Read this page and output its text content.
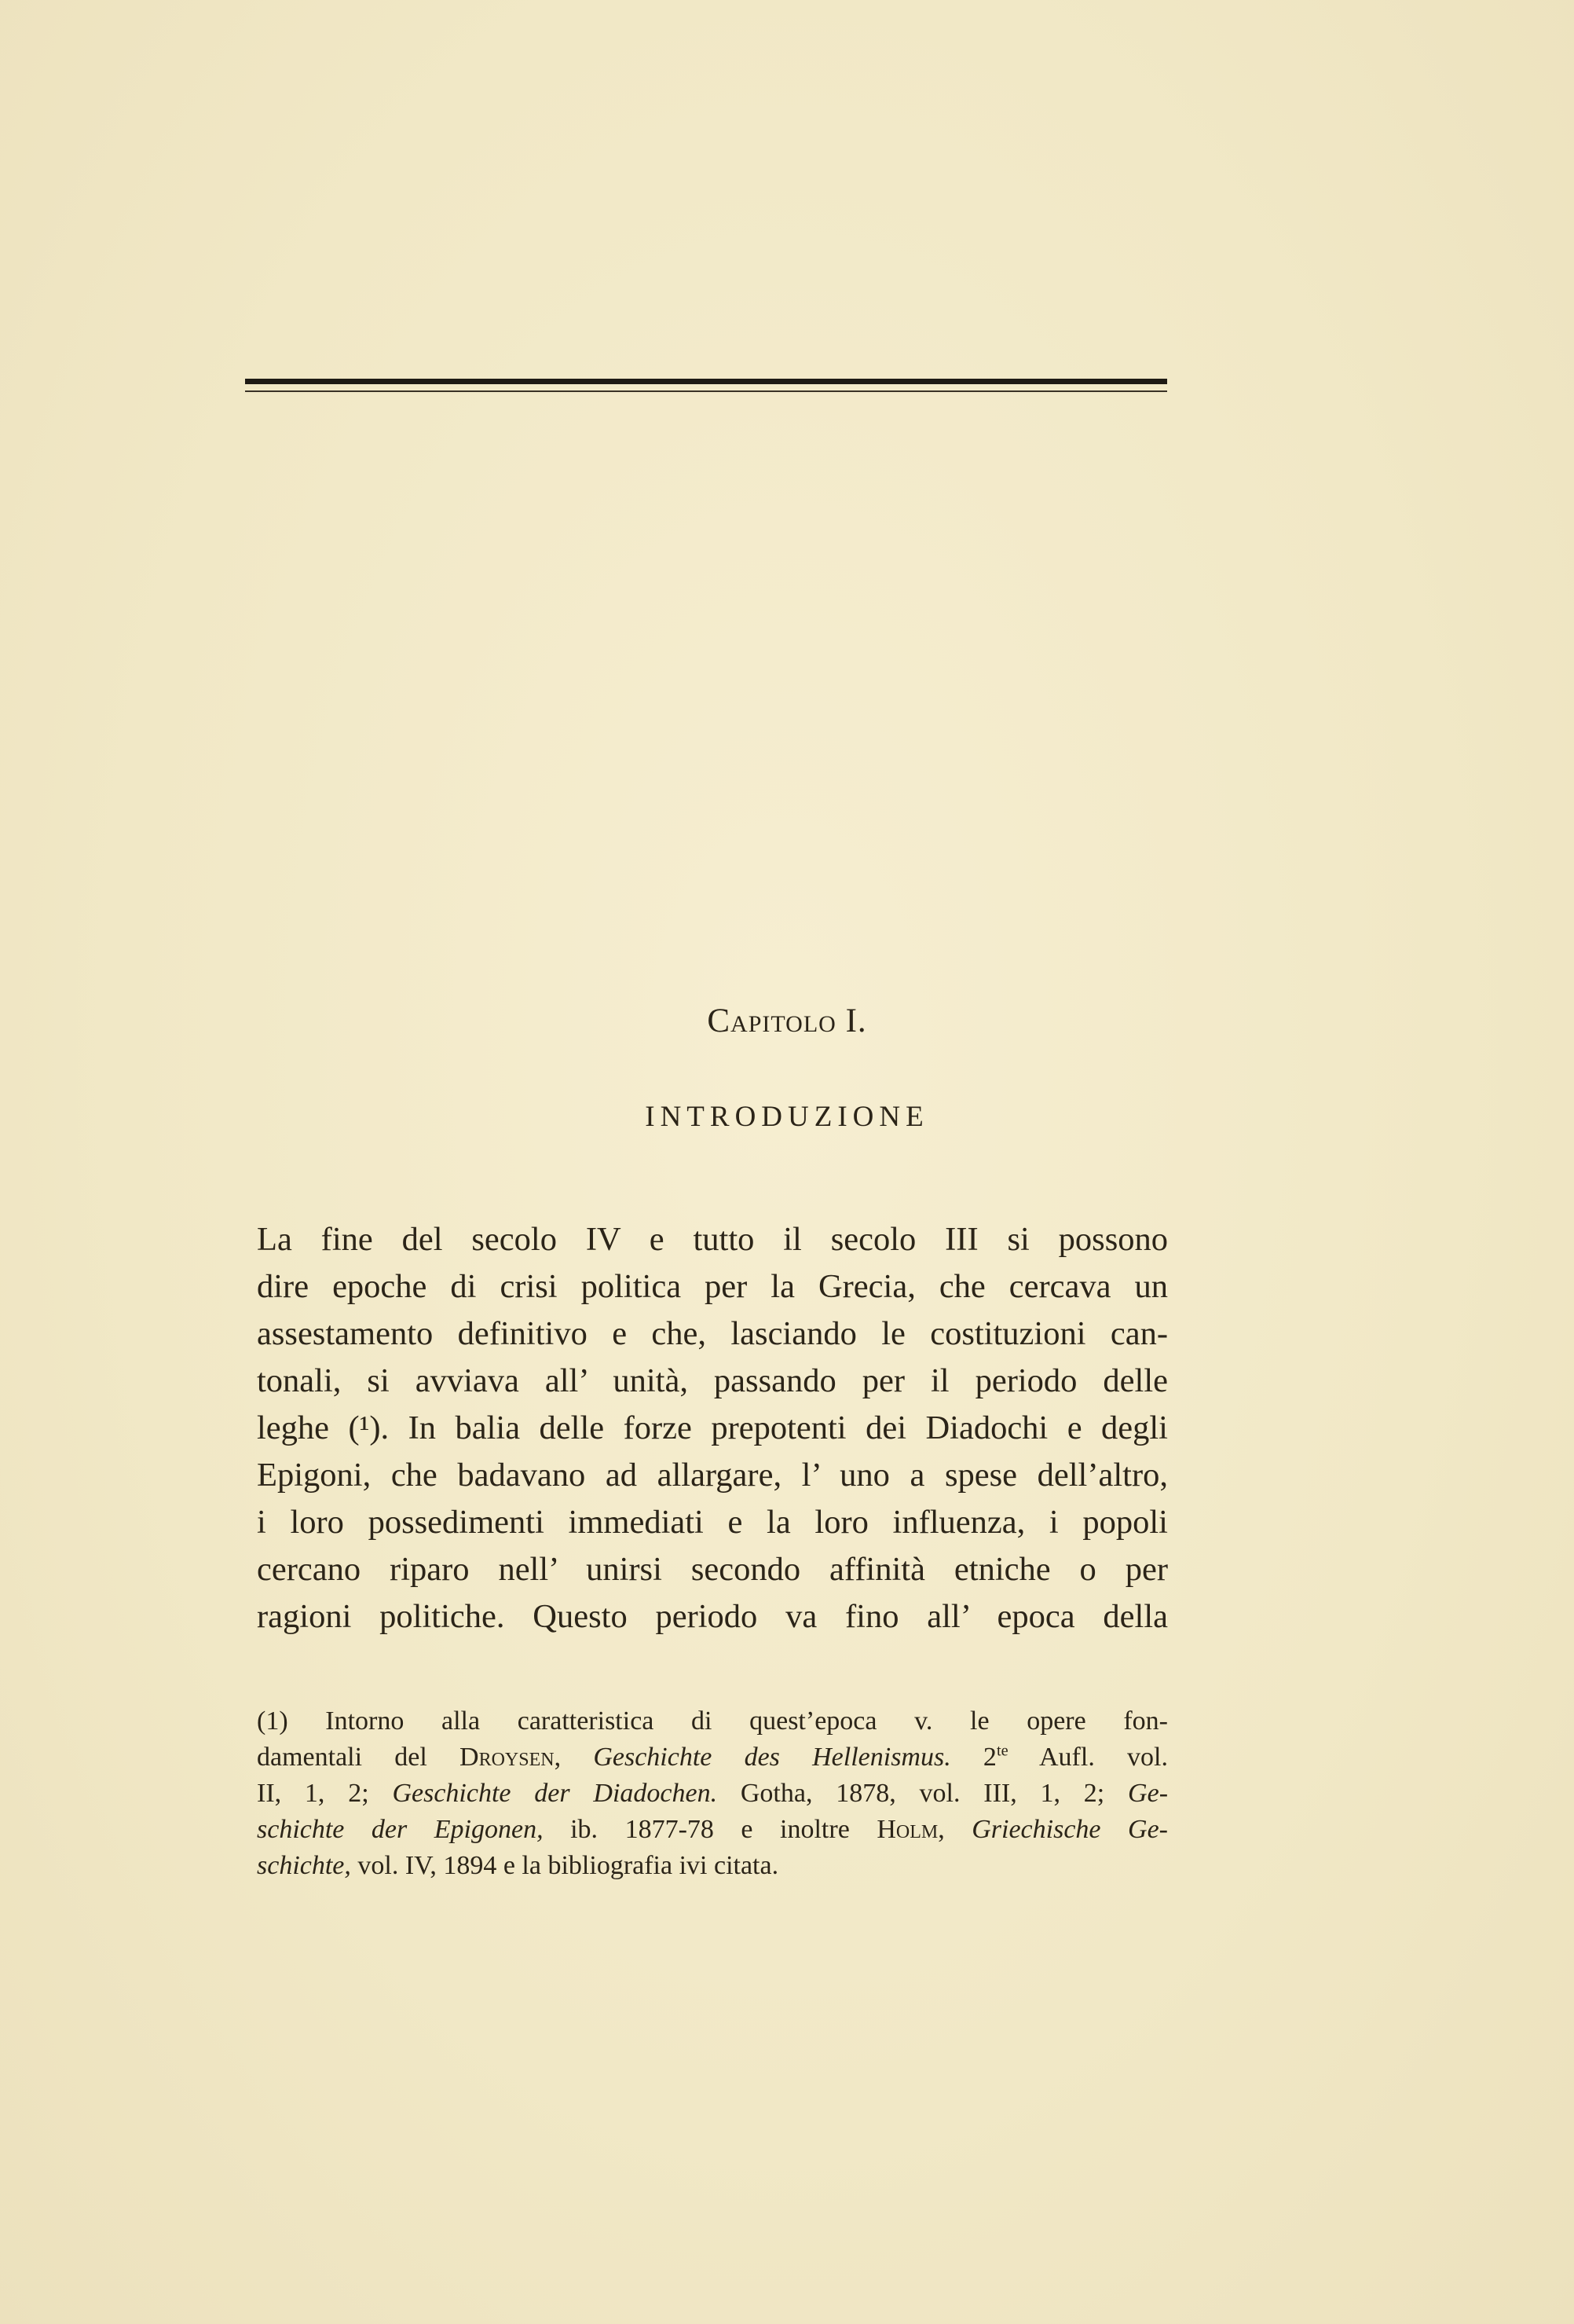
Capitolo I.
INTRODUZIONE

La fine del secolo IV e tutto il secolo III si possono
dire epoche di crisi politica per la Grecia, che cercava un
assestamento definitivo e che, lasciando le costituzioni can-
tonali, si avviava all’ unità, passando per il periodo delle
leghe (¹). In balia delle forze prepotenti dei Diadochi e degli
Epigoni, che badavano ad allargare, l’ uno a spese dell’altro,
i loro possedimenti immediati e la loro influenza, i popoli
cercano riparo nell’ unirsi secondo affinità etniche o per
ragioni politiche. Questo periodo va fino all’ epoca della

(1) Intorno alla caratteristica di quest’epoca v. le opere fon-
damentali del Droysen, Geschichte des Hellenismus. $2^{te}$ Aufl. vol.
II, 1, 2; Geschichte der Diadochen. Gotha, 1878, vol. III, 1, 2; Ge-
schichte der Epigonen, ib. 1877-78 e inoltre Holm, Griechische Ge-
schichte, vol. IV, 1894 e la bibliografia ivi citata.
